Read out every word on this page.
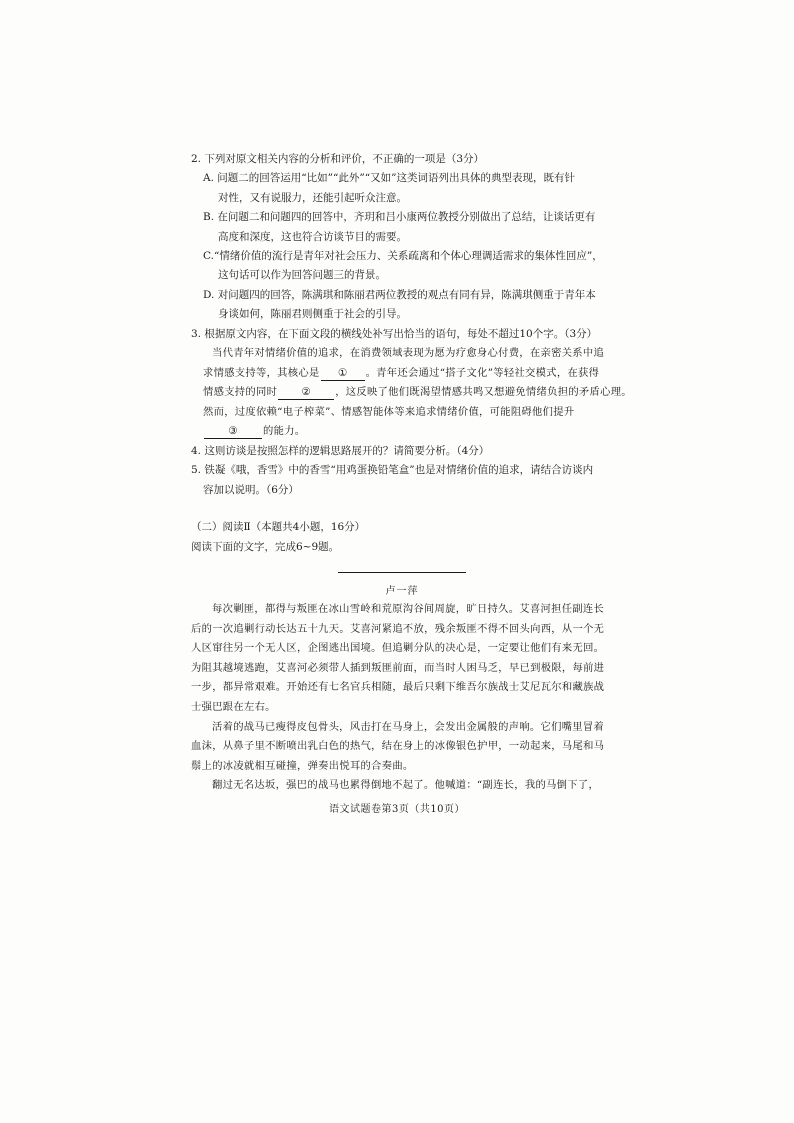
2. 下列对原文相关内容的分析和评价，不正确的一项是（3分）
A. 问题二的回答运用“比如”“此外”“又如”这类词语列出具体的典型表现，既有针
对性，又有说服力，还能引起听众注意。
B. 在问题二和问题四的回答中，齐玥和吕小康两位教授分别做出了总结，让谈话更有
高度和深度，这也符合访谈节目的需要。
C.“情绪价值的流行是青年对社会压力、关系疏离和个体心理调适需求的集体性回应”，
这句话可以作为回答问题三的背景。
D. 对问题四的回答，陈满琪和陈丽君两位教授的观点有同有异，陈满琪侧重于青年本
身谈如何，陈丽君则侧重于社会的引导。
3. 根据原文内容，在下面文段的横线处补写出恰当的语句，每处不超过10个字。（3分）
当代青年对情绪价值的追求，在消费领域表现为愿为疗愈身心付费，在亲密关系中追
求情感支持等，其核心是 ① 。青年还会通过“搭子文化”等轻社交模式，在获得
情感支持的同时 ② ，这反映了他们既渴望情感共鸣又想避免情绪负担的矛盾心理。
然而，过度依赖“电子榨菜”、情感智能体等来追求情绪价值，可能阻碍他们提升
③ 的能力。
4. 这则访谈是按照怎样的逻辑思路展开的？请简要分析。（4分）
5. 铁凝《哦，香雪》中的香雪“用鸡蛋换铅笔盒”也是对情绪价值的追求，请结合访谈内
容加以说明。（6分）
（二）阅读Ⅱ（本题共4小题，16分）
阅读下面的文字，完成6~9题。
卢一萍
每次剿匪，都得与叛匪在冰山雪岭和荒原沟谷间周旋，旷日持久。艾喜河担任副连长
后的一次追剿行动长达五十九天。艾喜河紧追不放，残余叛匪不得不回头向西，从一个无
人区窜往另一个无人区，企图逃出国境。但追剿分队的决心是，一定要让他们有来无回。
为阻其越境逃跑，艾喜河必须带人插到叛匪前面，而当时人困马乏，早已到极限，每前进
一步，都异常艰难。开始还有七名官兵相随，最后只剩下维吾尔族战士艾尼瓦尔和藏族战
士强巴跟在左右。
活着的战马已瘦得皮包骨头，风击打在马身上，会发出金属般的声响。它们嘴里冒着
血沫，从鼻子里不断喷出乳白色的热气，结在身上的冰像银色护甲，一动起来，马尾和马
鬃上的冰凌就相互碰撞，弹奏出悦耳的合奏曲。
翻过无名达坂，强巴的战马也累得倒地不起了。他喊道：“副连长，我的马倒下了，
语文试题卷第3页（共10页）
